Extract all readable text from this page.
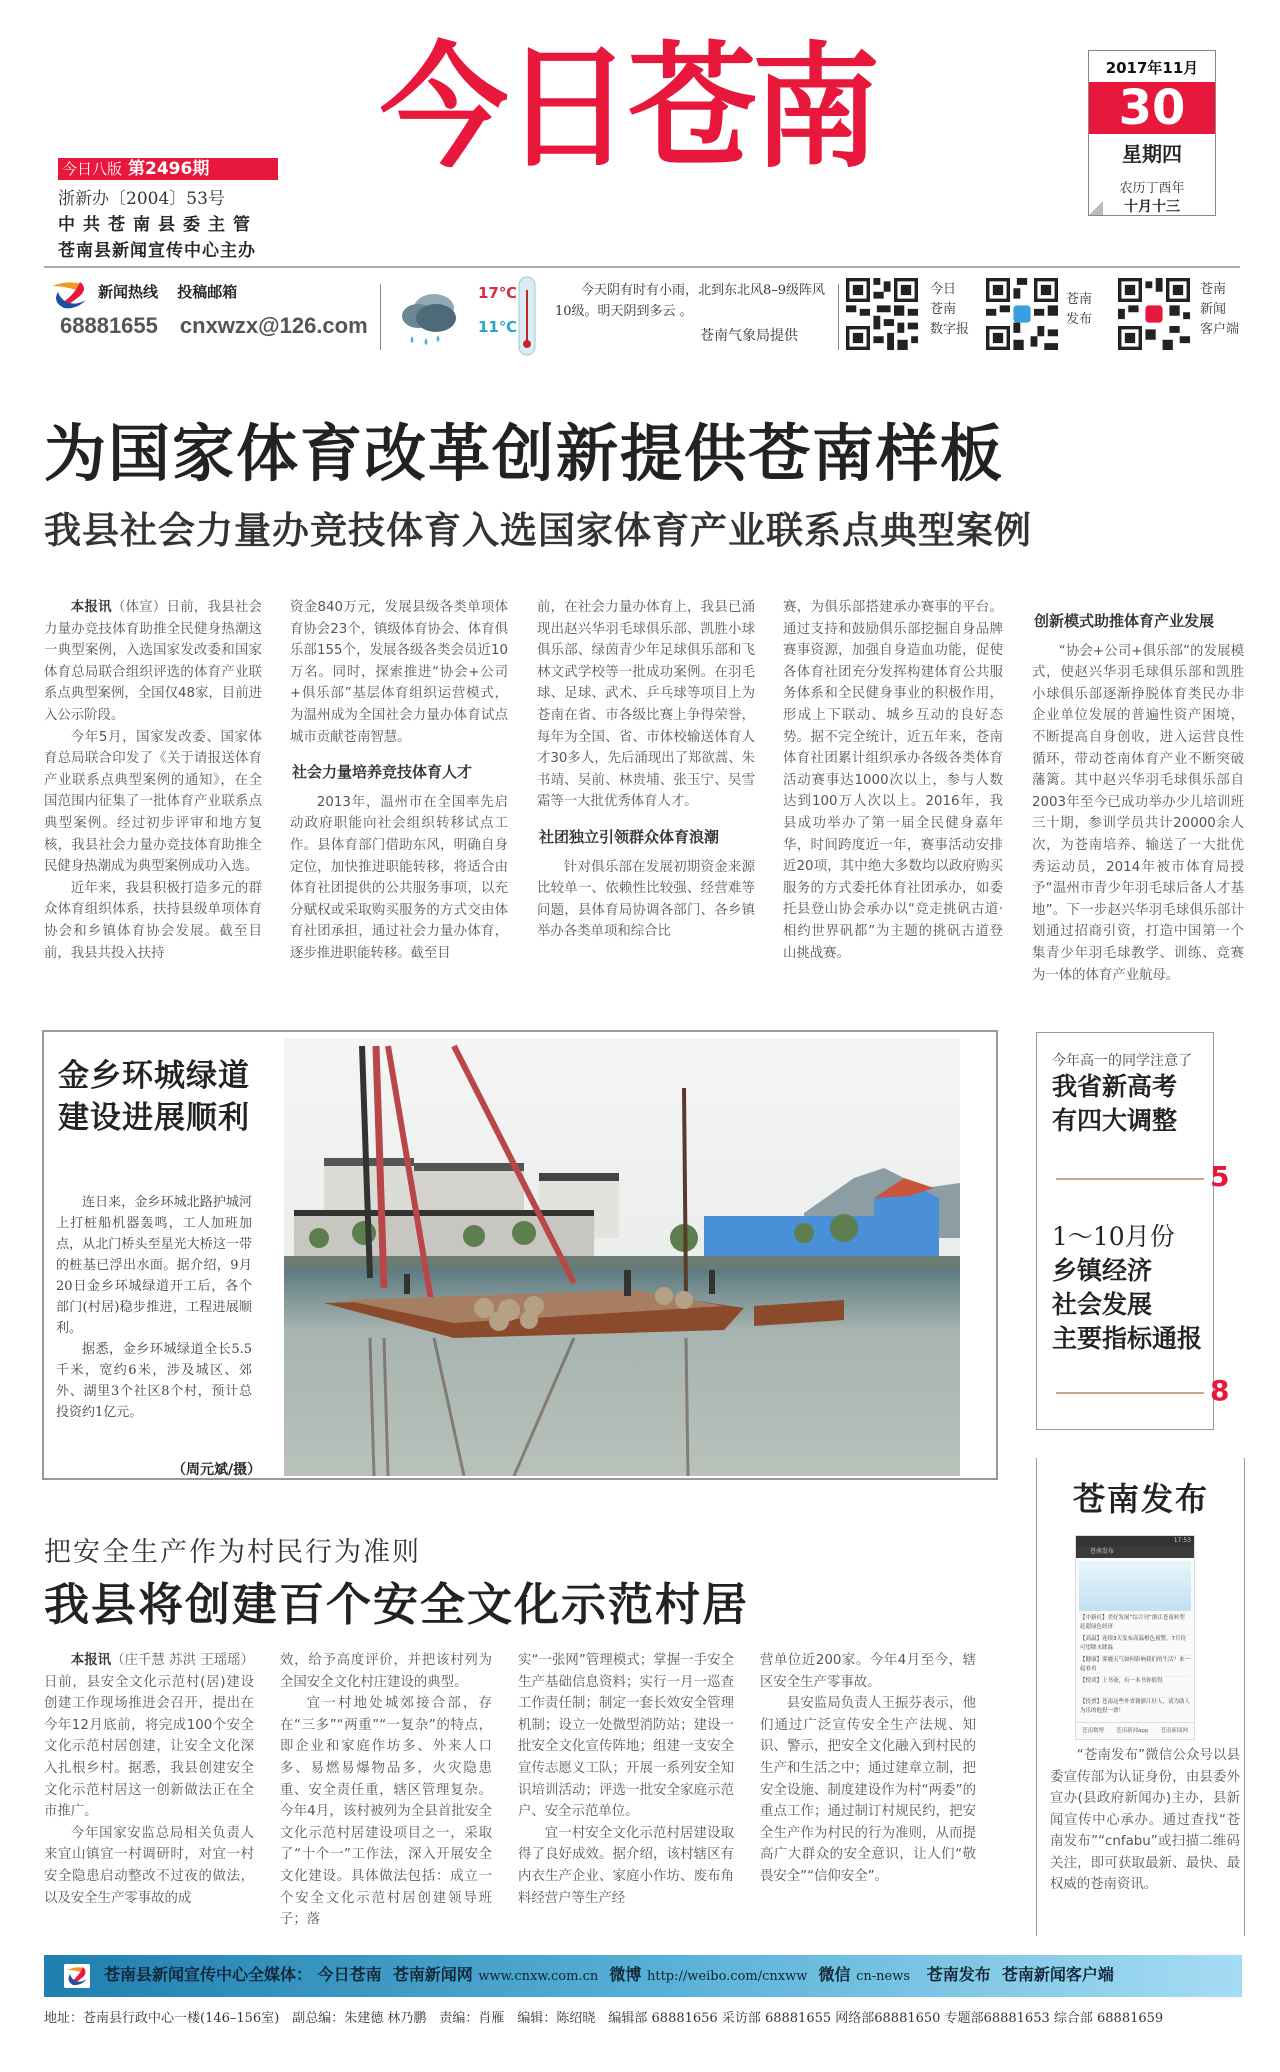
今日八版 第2496期
浙新办〔2004〕53号
中共苍南县委主管
苍南县新闻宣传中心主办
今日苍南	2017年11月
30
星期四
农历丁酉年
十月十三
新闻热线 投稿邮箱
68881655 cnxwzx@126.com
17℃
11℃
今天阴有时有小雨，北到东北风8–9级阵风10级。明天阴到多云 。
苍南气象局提供
今日
苍南
数字报
苍南
发布
苍南
新闻
客户端
为国家体育改革创新提供苍南样板
我县社会力量办竞技体育入选国家体育产业联系点典型案例

本报讯（体宣）日前，我县社会力量办竞技体育助推全民健身热潮这一典型案例，入选国家发改委和国家体育总局联合组织评选的体育产业联系点典型案例，全国仅48家，目前进入公示阶段。

今年5月，国家发改委、国家体育总局联合印发了《关于请报送体育产业联系点典型案例的通知》，在全国范围内征集了一批体育产业联系点典型案例。经过初步评审和地方复核，我县社会力量办竞技体育助推全民健身热潮成为典型案例成功入选。

近年来，我县积极打造多元的群众体育组织体系，扶持县级单项体育协会和乡镇体育协会发展。截至目前，我县共投入扶持

资金840万元，发展县级各类单项体育协会23个，镇级体育协会、体育俱乐部155个，发展各级各类会员近10万名。同时，探索推进“协会+公司+俱乐部”基层体育组织运营模式，为温州成为全国社会力量办体育试点城市贡献苍南智慧。
社会力量培养竞技体育人才

2013年，温州市在全国率先启动政府职能向社会组织转移试点工作。县体育部门借助东风，明确自身定位，加快推进职能转移，将适合由体育社团提供的公共服务事项，以充分赋权或采取购买服务的方式交由体育社团承担，通过社会力量办体育，逐步推进职能转移。截至目

前，在社会力量办体育上，我县已涌现出赵兴华羽毛球俱乐部、凯胜小球俱乐部、绿茵青少年足球俱乐部和飞林文武学校等一批成功案例。在羽毛球、足球、武术、乒乓球等项目上为苍南在省、市各级比赛上争得荣誉，每年为全国、省、市体校输送体育人才30多人，先后涌现出了郑欲蒿、朱书靖、吴前、林贵埔、张玉宁、吴雪霜等一大批优秀体育人才。
社团独立引领群众体育浪潮

针对俱乐部在发展初期资金来源比较单一、依赖性比较强、经营难等问题，县体育局协调各部门、各乡镇举办各类单项和综合比

赛，为俱乐部搭建承办赛事的平台。通过支持和鼓励俱乐部挖掘自身品牌赛事资源，加强自身造血功能，促使各体育社团充分发挥构建体育公共服务体系和全民健身事业的积极作用，形成上下联动、城乡互动的良好态势。据不完全统计，近五年来，苍南体育社团累计组织承办各级各类体育活动赛事达1000次以上，参与人数达到100万人次以上。2016年，我县成功举办了第一届全民健身嘉年华，时间跨度近一年，赛事活动安排近20项，其中绝大多数均以政府购买服务的方式委托体育社团承办，如委托县登山协会承办以“竞走挑矾古道·相约世界矾都”为主题的挑矾古道登山挑战赛。
创新模式助推体育产业发展

“协会+公司+俱乐部”的发展模式，使赵兴华羽毛球俱乐部和凯胜小球俱乐部逐渐挣脱体育类民办非企业单位发展的普遍性资产困境，不断提高自身创收，进入运营良性循环，带动苍南体育产业不断突破藩篱。其中赵兴华羽毛球俱乐部自2003年至今已成功举办少儿培训班三十期，参训学员共计20000余人次，为苍南培养、输送了一大批优秀运动员，2014年被市体育局授予“温州市青少年羽毛球后备人才基地”。下一步赵兴华羽毛球俱乐部计划通过招商引资，打造中国第一个集青少年羽毛球教学、训练、竞赛为一体的体育产业航母。

金乡环城绿道
建设进展顺利

连日来，金乡环城北路护城河上打桩船机器轰鸣，工人加班加点，从北门桥头至星光大桥这一带的桩基已浮出水面。据介绍，9月20日金乡环城绿道开工后，各个部门(村居)稳步推进，工程进展顺利。

据悉，金乡环城绿道全长5.5千米，宽约6米，涉及城区、郊外、湖里3个社区8个村，预计总投资约1亿元。

（周元斌/摄）
今年高一的同学注意了
我省新高考
有四大调整
5
1～10月份
乡镇经济
社会发展
主要指标通报
8
苍南发布
17:53
苍南发布
【中新社】美好发展“综合刊”浙江苍南转型赶超绿色经济
【高温】连续3天发布高温橙色预警，7月份可望降水降温
【健康】雾霾天气如何影响我们的生活？来一起看看
【悦读】上书斋，有一本书你值得
【投票】苍南这些外省籍浙江好人，请为助人为乐的他投一票！
苍南微博 苍南新闻app 苍南新闻网

“苍南发布”微信公众号以县委宣传部为认证身份，由县委外宣办(县政府新闻办)主办，县新闻宣传中心承办。通过查找“苍南发布”“cnfabu”或扫描二维码关注，即可获取最新、最快、最权威的苍南资讯。

把安全生产作为村民行为准则
我县将创建百个安全文化示范村居

本报讯（庄千慧 苏洪 王瑶瑶）日前，县安全文化示范村(居)建设创建工作现场推进会召开，提出在今年12月底前，将完成100个安全文化示范村居创建，让安全文化深入扎根乡村。据悉，我县创建安全文化示范村居这一创新做法正在全市推广。

今年国家安监总局相关负责人来宜山镇宜一村调研时，对宜一村安全隐患启动整改不过夜的做法，以及安全生产零事故的成

效，给予高度评价，并把该村列为全国安全文化村庄建设的典型。

宜一村地处城郊接合部，存在“三多”“两重”“一复杂”的特点，即企业和家庭作坊多、外来人口多、易燃易爆物品多，火灾隐患重、安全责任重，辖区管理复杂。今年4月，该村被列为全县首批安全文化示范村居建设项目之一，采取了“十个一”工作法，深入开展安全文化建设。具体做法包括：成立一个安全文化示范村居创建领导班子；落

实“一张网”管理模式；掌握一手安全生产基础信息资料；实行一月一巡查工作责任制；制定一套长效安全管理机制；设立一处微型消防站；建设一批安全文化宣传阵地；组建一支安全宣传志愿义工队；开展一系列安全知识培训活动；评选一批安全家庭示范户、安全示范单位。

宜一村安全文化示范村居建设取得了良好成效。据介绍，该村辖区有内衣生产企业、家庭小作坊、废布角料经营户等生产经

营单位近200家。今年4月至今，辖区安全生产零事故。

县安监局负责人王振芬表示，他们通过广泛宣传安全生产法规、知识、警示，把安全文化融入到村民的生产和生活之中；通过建章立制，把安全设施、制度建设作为村“两委”的重点工作；通过制订村规民约，把安全生产作为村民的行为准则，从而提高广大群众的安全意识，让人们“敬畏安全”“信仰安全”。

苍南县新闻宣传中心全媒体： 今日苍南 苍南新闻网 www.cnxw.com.cn 微博 http://weibo.com/cnxww 微信 cn-news 苍南发布 苍南新闻客户端
地址：苍南县行政中心一楼(146–156室)　副总编：朱建德 林乃鹏　责编：肖雁　编辑：陈绍晓　编辑部 68881656 采访部 68881655 网络部68881650 专题部68881653 综合部 68881659
